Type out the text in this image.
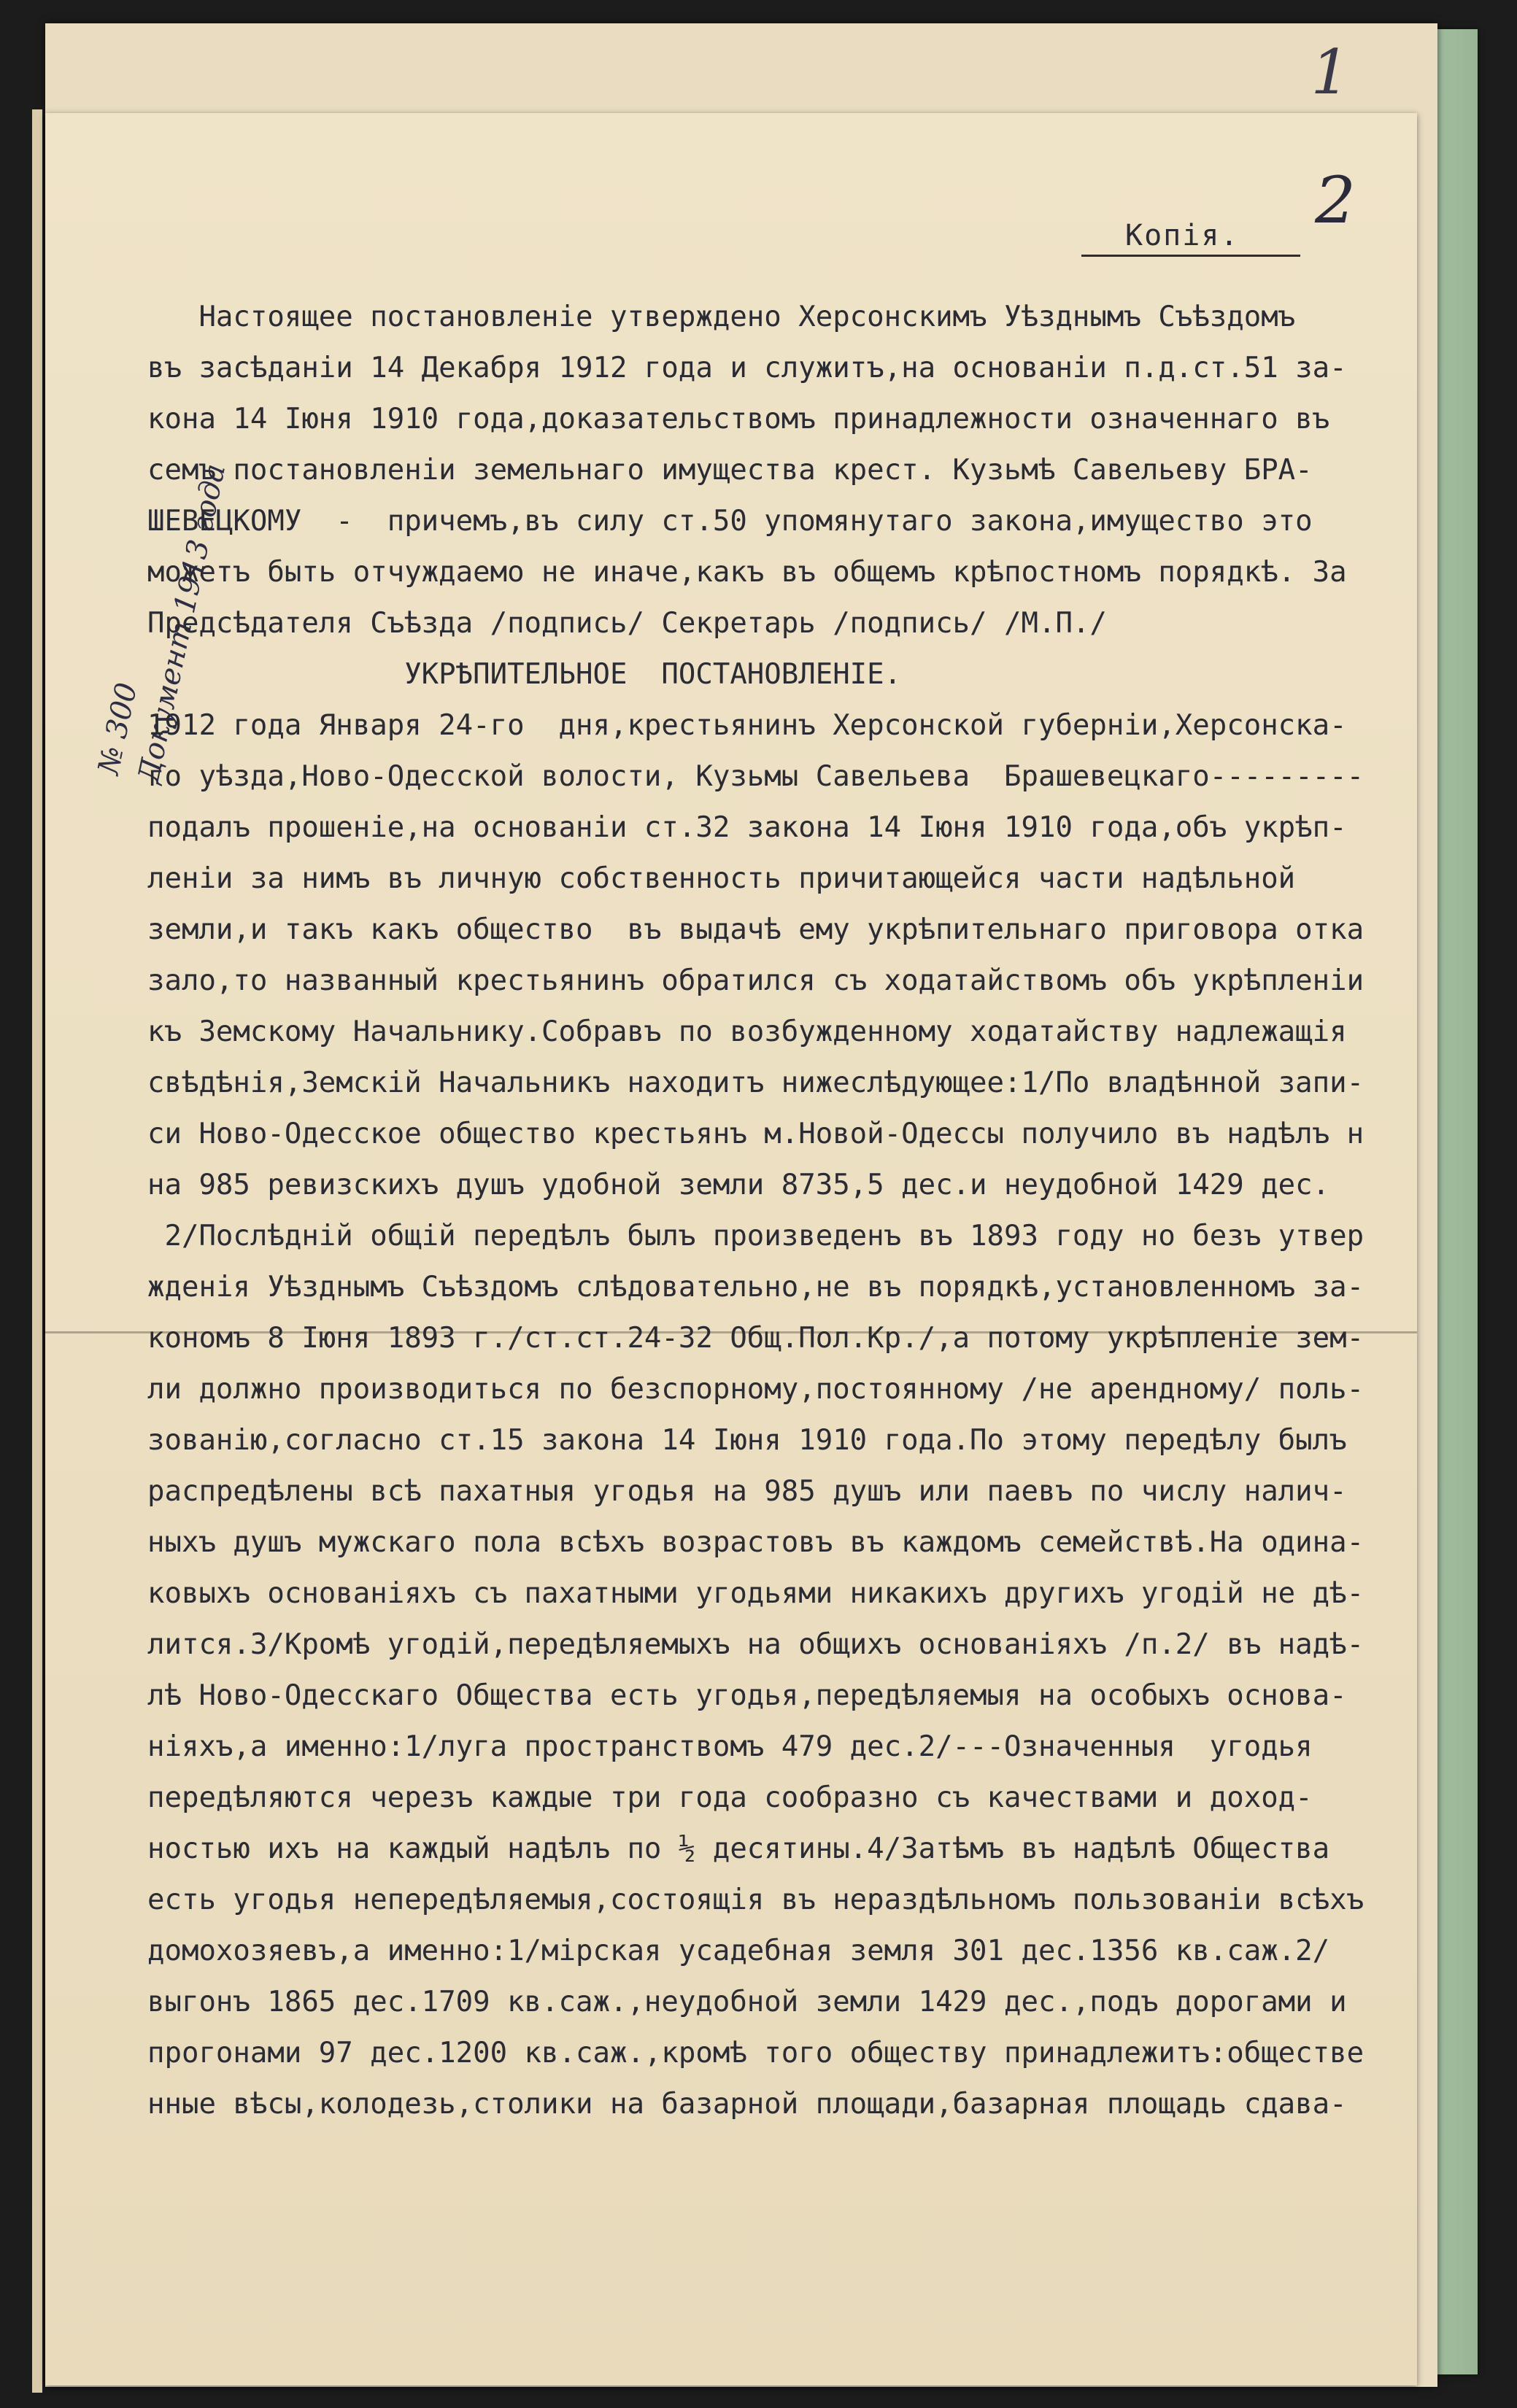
1
2
Копія.
№ 300
Документ 1913 года
Настоящее постановленіе утверждено Херсонскимъ Уѣзднымъ Съѣздомъ
въ засѣданіи 14 Декабря 1912 года и служитъ,на основаніи п.д.ст.51 за-
кона 14 Іюня 1910 года,доказательствомъ принадлежности означеннаго въ
семъ постановленіи земельнаго имущества крест. Кузьмѣ Савельеву БРА-
ШЕВЕЦКОМУ  -  причемъ,въ силу ст.50 упомянутаго закона,имущество это
можетъ быть отчуждаемо не иначе,какъ въ общемъ крѣпостномъ порядкѣ. За
Предсѣдателя Съѣзда /подпись/ Секретарь /подпись/ /М.П./
УКРѢПИТЕЛЬНОЕ  ПОСТАНОВЛЕНІЕ.
1912 года Января 24-го  дня,крестьянинъ Херсонской губерніи,Херсонска-
го уѣзда,Ново-Одесской волости, Кузьмы Савельева  Брашевецкаго---------
подалъ прошеніе,на основаніи ст.32 закона 14 Іюня 1910 года,объ укрѣп-
леніи за нимъ въ личную собственность причитающейся части надѣльной
земли,и такъ какъ общество  въ выдачѣ ему укрѣпительнаго приговора отка
зало,то названный крестьянинъ обратился съ ходатайствомъ объ укрѣпленіи
къ Земскому Начальнику.Собравъ по возбужденному ходатайству надлежащія
свѣдѣнія,Земскій Начальникъ находитъ нижеслѣдующее:1/По владѣнной запи-
си Ново-Одесское общество крестьянъ м.Новой-Одессы получило въ надѣлъ н
на 985 ревизскихъ душъ удобной земли 8735,5 дес.и неудобной 1429 дес.
2/Послѣдній общій передѣлъ былъ произведенъ въ 1893 году но безъ утвер
жденія Уѣзднымъ Съѣздомъ слѣдовательно,не въ порядкѣ,установленномъ за-
кономъ 8 Іюня 1893 г./ст.ст.24-32 Общ.Пол.Кр./,а потому укрѣпленіе зем-
ли должно производиться по безспорному,постоянному /не арендному/ поль-
зованію,согласно ст.15 закона 14 Іюня 1910 года.По этому передѣлу былъ
распредѣлены всѣ пахатныя угодья на 985 душъ или паевъ по числу налич-
ныхъ душъ мужскаго пола всѣхъ возрастовъ въ каждомъ семействѣ.На одина-
ковыхъ основаніяхъ съ пахатными угодьями никакихъ другихъ угодій не дѣ-
лится.3/Кромѣ угодій,передѣляемыхъ на общихъ основаніяхъ /п.2/ въ надѣ-
лѣ Ново-Одесскаго Общества есть угодья,передѣляемыя на особыхъ основа-
ніяхъ,а именно:1/луга пространствомъ 479 дес.2/---Означенныя  угодья
передѣляются черезъ каждые три года сообразно съ качествами и доход-
ностью ихъ на каждый надѣлъ по ½ десятины.4/Затѣмъ въ надѣлѣ Общества
есть угодья непередѣляемыя,состоящія въ нераздѣльномъ пользованіи всѣхъ
домохозяевъ,а именно:1/мірская усадебная земля 301 дес.1356 кв.саж.2/
выгонъ 1865 дес.1709 кв.саж.,неудобной земли 1429 дес.,подъ дорогами и
прогонами 97 дес.1200 кв.саж.,кромѣ того обществу принадлежитъ:обществе
нные вѣсы,колодезь,столики на базарной площади,базарная площадь сдава-
